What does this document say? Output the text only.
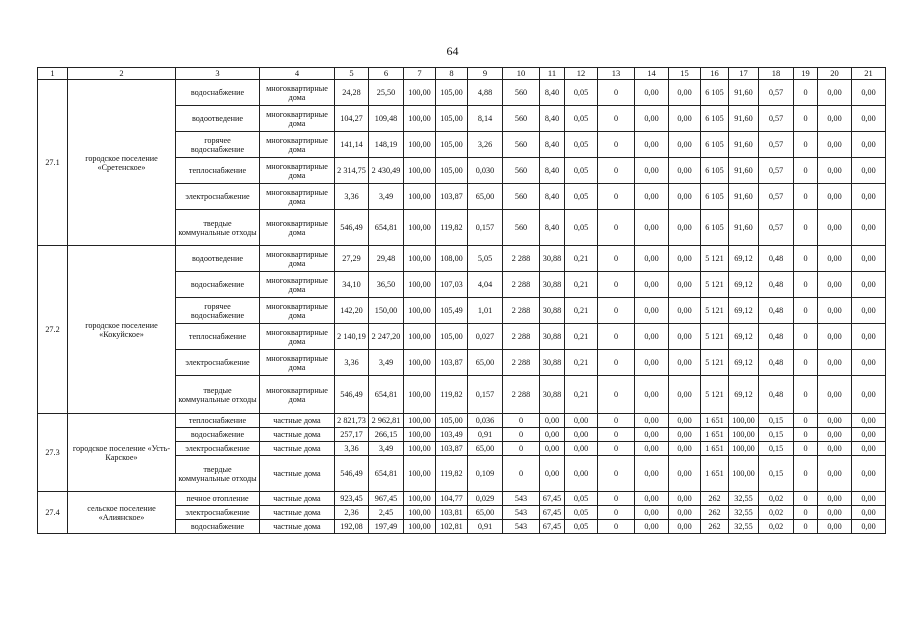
64
1	2	3	4	5	6	7	8	9	10	11	12	13	14	15	16	17	18	19	20	21
27.1	городское поселение «Сретенское»	водоснабжение	многоквартирные дома	24,28	25,50	100,00	105,00	4,88	560	8,40	0,05	0	0,00	0,00	6 105	91,60	0,57	0	0,00	0,00
		водоотведение	многоквартирные дома	104,27	109,48	100,00	105,00	8,14	560	8,40	0,05	0	0,00	0,00	6 105	91,60	0,57	0	0,00	0,00
		горячее водоснабжение	многоквартирные дома	141,14	148,19	100,00	105,00	3,26	560	8,40	0,05	0	0,00	0,00	6 105	91,60	0,57	0	0,00	0,00
		теплоснабжение	многоквартирные дома	2 314,75	2 430,49	100,00	105,00	0,030	560	8,40	0,05	0	0,00	0,00	6 105	91,60	0,57	0	0,00	0,00
		электроснабжение	многоквартирные дома	3,36	3,49	100,00	103,87	65,00	560	8,40	0,05	0	0,00	0,00	6 105	91,60	0,57	0	0,00	0,00
		твердые коммунальные отходы	многоквартирные дома	546,49	654,81	100,00	119,82	0,157	560	8,40	0,05	0	0,00	0,00	6 105	91,60	0,57	0	0,00	0,00
27.2	городское поселение «Кокуйское»	водоотведение	многоквартирные дома	27,29	29,48	100,00	108,00	5,05	2 288	30,88	0,21	0	0,00	0,00	5 121	69,12	0,48	0	0,00	0,00
		водоснабжение	многоквартирные дома	34,10	36,50	100,00	107,03	4,04	2 288	30,88	0,21	0	0,00	0,00	5 121	69,12	0,48	0	0,00	0,00
		горячее водоснабжение	многоквартирные дома	142,20	150,00	100,00	105,49	1,01	2 288	30,88	0,21	0	0,00	0,00	5 121	69,12	0,48	0	0,00	0,00
		теплоснабжение	многоквартирные дома	2 140,19	2 247,20	100,00	105,00	0,027	2 288	30,88	0,21	0	0,00	0,00	5 121	69,12	0,48	0	0,00	0,00
		электроснабжение	многоквартирные дома	3,36	3,49	100,00	103,87	65,00	2 288	30,88	0,21	0	0,00	0,00	5 121	69,12	0,48	0	0,00	0,00
		твердые коммунальные отходы	многоквартирные дома	546,49	654,81	100,00	119,82	0,157	2 288	30,88	0,21	0	0,00	0,00	5 121	69,12	0,48	0	0,00	0,00
27.3	городское поселение «Усть-Карское»	теплоснабжение	частные дома	2 821,73	2 962,81	100,00	105,00	0,036	0	0,00	0,00	0	0,00	0,00	1 651	100,00	0,15	0	0,00	0,00
		водоснабжение	частные дома	257,17	266,15	100,00	103,49	0,91	0	0,00	0,00	0	0,00	0,00	1 651	100,00	0,15	0	0,00	0,00
		электроснабжение	частные дома	3,36	3,49	100,00	103,87	65,00	0	0,00	0,00	0	0,00	0,00	1 651	100,00	0,15	0	0,00	0,00
		твердые коммунальные отходы	частные дома	546,49	654,81	100,00	119,82	0,109	0	0,00	0,00	0	0,00	0,00	1 651	100,00	0,15	0	0,00	0,00
27.4	сельское поселение «Алиянское»	печное отопление	частные дома	923,45	967,45	100,00	104,77	0,029	543	67,45	0,05	0	0,00	0,00	262	32,55	0,02	0	0,00	0,00
		электроснабжение	частные дома	2,36	2,45	100,00	103,81	65,00	543	67,45	0,05	0	0,00	0,00	262	32,55	0,02	0	0,00	0,00
		водоснабжение	частные дома	192,08	197,49	100,00	102,81	0,91	543	67,45	0,05	0	0,00	0,00	262	32,55	0,02	0	0,00	0,00
